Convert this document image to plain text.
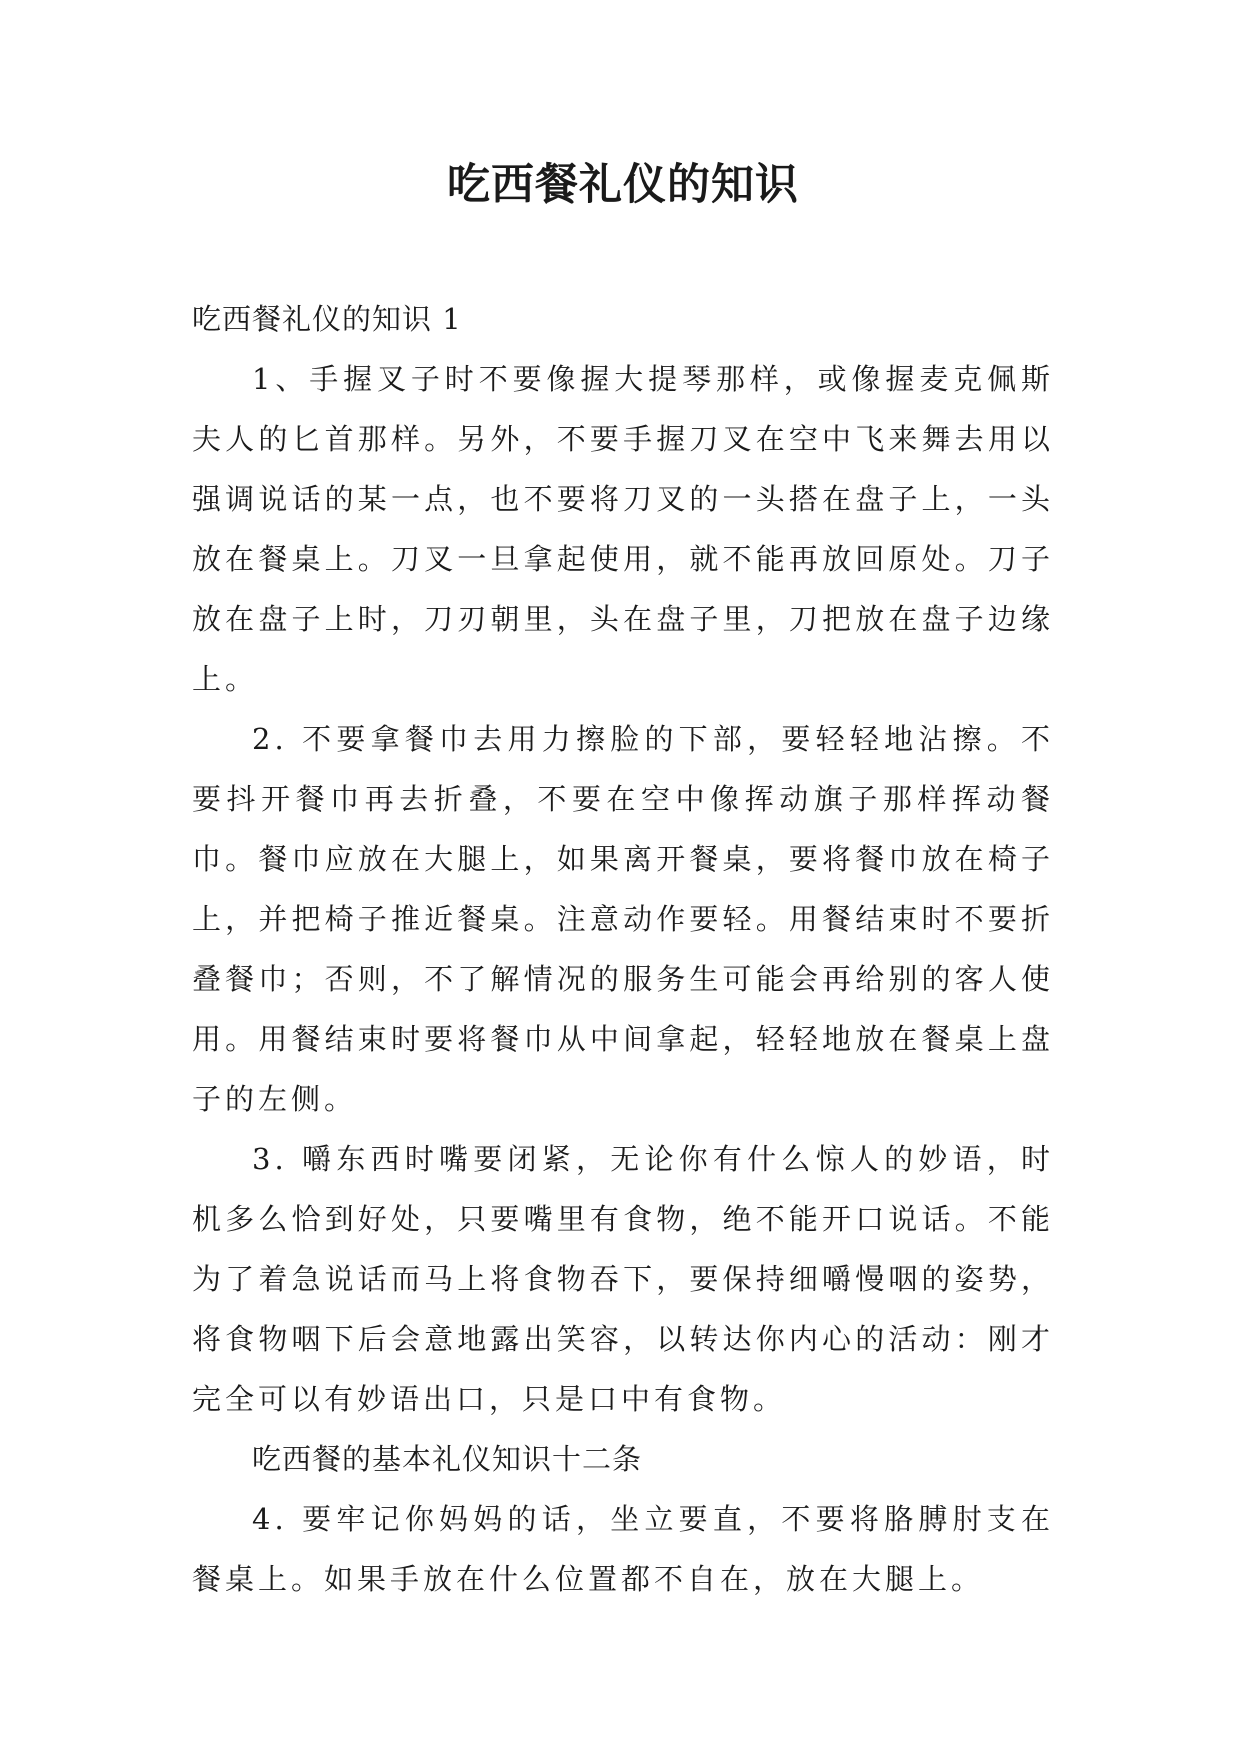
吃西餐礼仪的知识

吃西餐礼仪的知识 1

1、手握叉子时不要像握大提琴那样，或像握麦克佩斯夫人的匕首那样。另外，不要手握刀叉在空中飞来舞去用以强调说话的某一点，也不要将刀叉的一头搭在盘子上，一头放在餐桌上。刀叉一旦拿起使用，就不能再放回原处。刀子放在盘子上时，刀刃朝里，头在盘子里，刀把放在盘子边缘上。

2. 不要拿餐巾去用力擦脸的下部，要轻轻地沾擦。不要抖开餐巾再去折叠，不要在空中像挥动旗子那样挥动餐巾。餐巾应放在大腿上，如果离开餐桌，要将餐巾放在椅子上，并把椅子推近餐桌。注意动作要轻。用餐结束时不要折叠餐巾；否则，不了解情况的服务生可能会再给别的客人使用。用餐结束时要将餐巾从中间拿起，轻轻地放在餐桌上盘子的左侧。

3. 嚼东西时嘴要闭紧，无论你有什么惊人的妙语，时机多么恰到好处，只要嘴里有食物，绝不能开口说话。不能为了着急说话而马上将食物吞下，要保持细嚼慢咽的姿势，将食物咽下后会意地露出笑容，以转达你内心的活动：刚才完全可以有妙语出口，只是口中有食物。

吃西餐的基本礼仪知识十二条

4. 要牢记你妈妈的话，坐立要直，不要将胳膊肘支在餐桌上。如果手放在什么位置都不自在，放在大腿上。
